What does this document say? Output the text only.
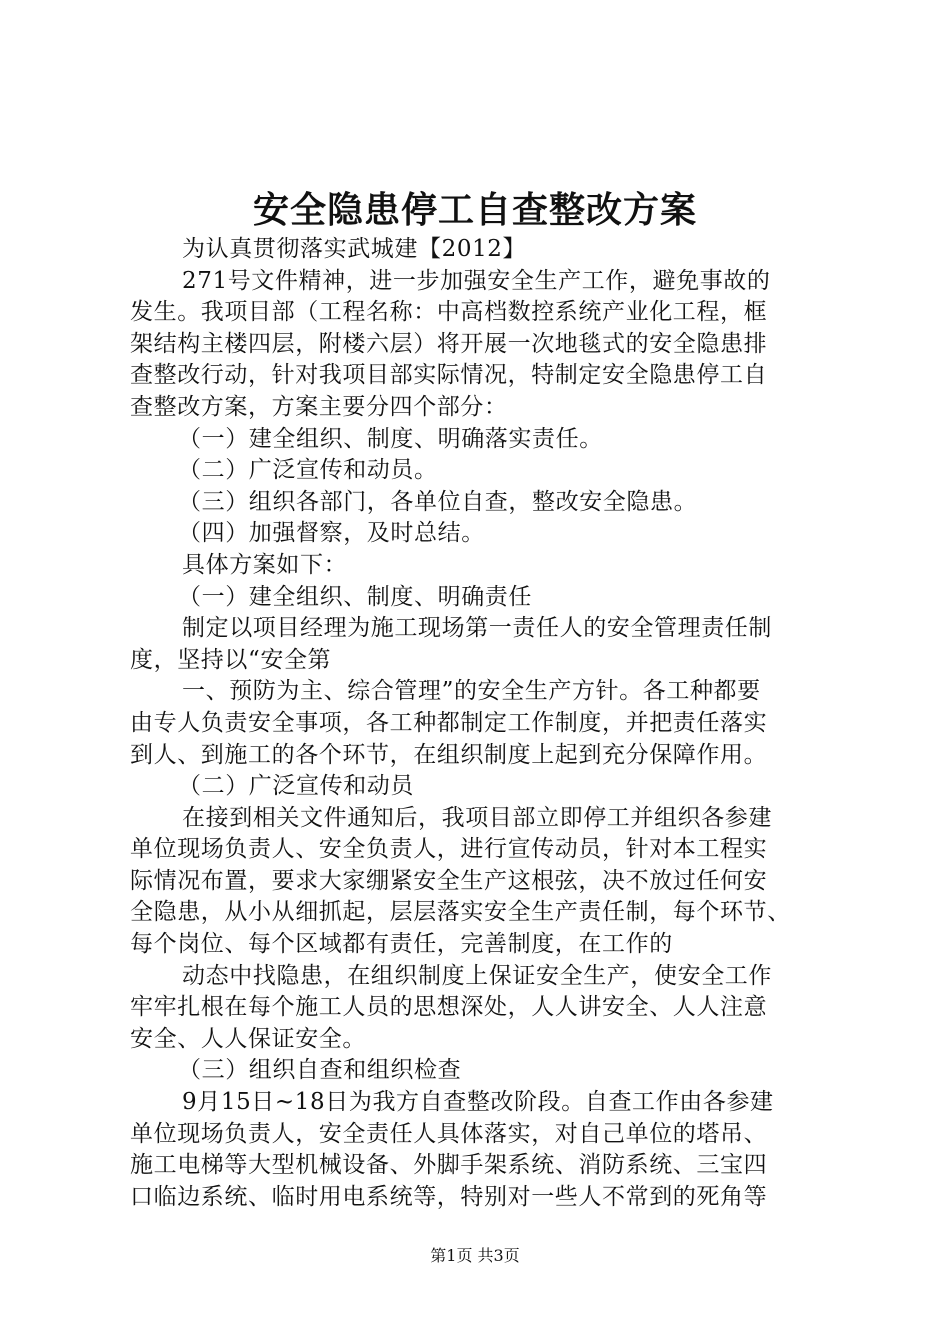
安全隐患停工自查整改方案
为认真贯彻落实武城建【2012】
271号文件精神，进一步加强安全生产工作，避免事故的
发生。我项目部（工程名称：中高档数控系统产业化工程，框
架结构主楼四层，附楼六层）将开展一次地毯式的安全隐患排
查整改行动，针对我项目部实际情况，特制定安全隐患停工自
查整改方案，方案主要分四个部分：
（一）建全组织、制度、明确落实责任。
（二）广泛宣传和动员。
（三）组织各部门，各单位自查，整改安全隐患。
（四）加强督察，及时总结。
具体方案如下：
（一）建全组织、制度、明确责任
制定以项目经理为施工现场第一责任人的安全管理责任制
度，坚持以“安全第
一、预防为主、综合管理”的安全生产方针。各工种都要
由专人负责安全事项，各工种都制定工作制度，并把责任落实
到人、到施工的各个环节，在组织制度上起到充分保障作用。
（二）广泛宣传和动员
在接到相关文件通知后，我项目部立即停工并组织各参建
单位现场负责人、安全负责人，进行宣传动员，针对本工程实
际情况布置，要求大家绷紧安全生产这根弦，决不放过任何安
全隐患，从小从细抓起，层层落实安全生产责任制，每个环节、
每个岗位、每个区域都有责任，完善制度，在工作的
动态中找隐患，在组织制度上保证安全生产，使安全工作
牢牢扎根在每个施工人员的思想深处，人人讲安全、人人注意
安全、人人保证安全。
（三）组织自查和组织检查
9月15日~18日为我方自查整改阶段。自查工作由各参建
单位现场负责人，安全责任人具体落实，对自己单位的塔吊、
施工电梯等大型机械设备、外脚手架系统、消防系统、三宝四
口临边系统、临时用电系统等，特别对一些人不常到的死角等
第1页 共3页
